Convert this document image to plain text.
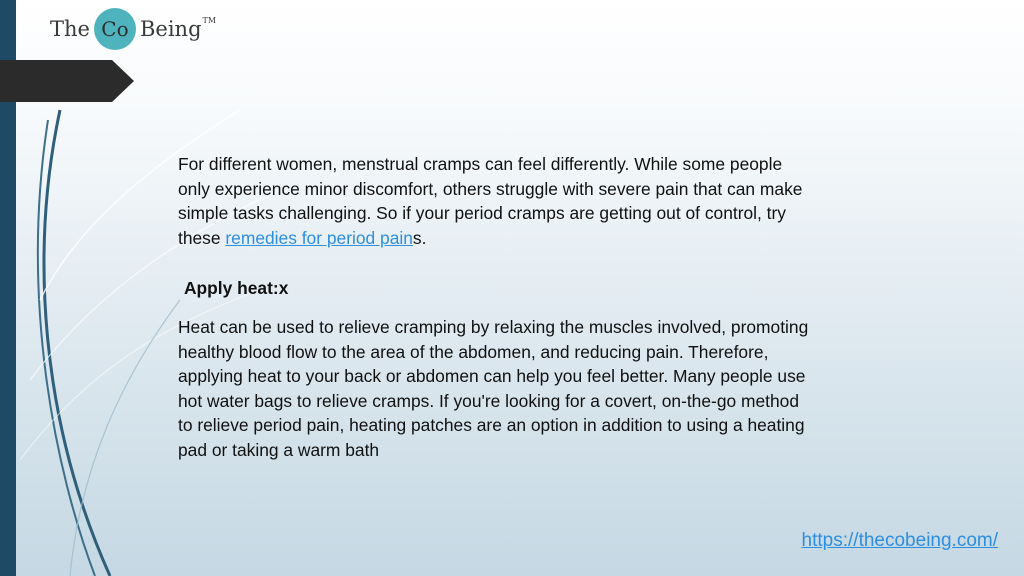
The Co Being TM

For different women, menstrual cramps can feel differently. While some people only experience minor discomfort, others struggle with severe pain that can make simple tasks challenging. So if your period cramps are getting out of control, try these remedies for period pains.

Apply heat:x

Heat can be used to relieve cramping by relaxing the muscles involved, promoting healthy blood flow to the area of the abdomen, and reducing pain. Therefore, applying heat to your back or abdomen can help you feel better. Many people use hot water bags to relieve cramps. If you're looking for a covert, on-the-go method to relieve period pain, heating patches are an option in addition to using a heating pad or taking a warm bath

https://thecobeing.com/
